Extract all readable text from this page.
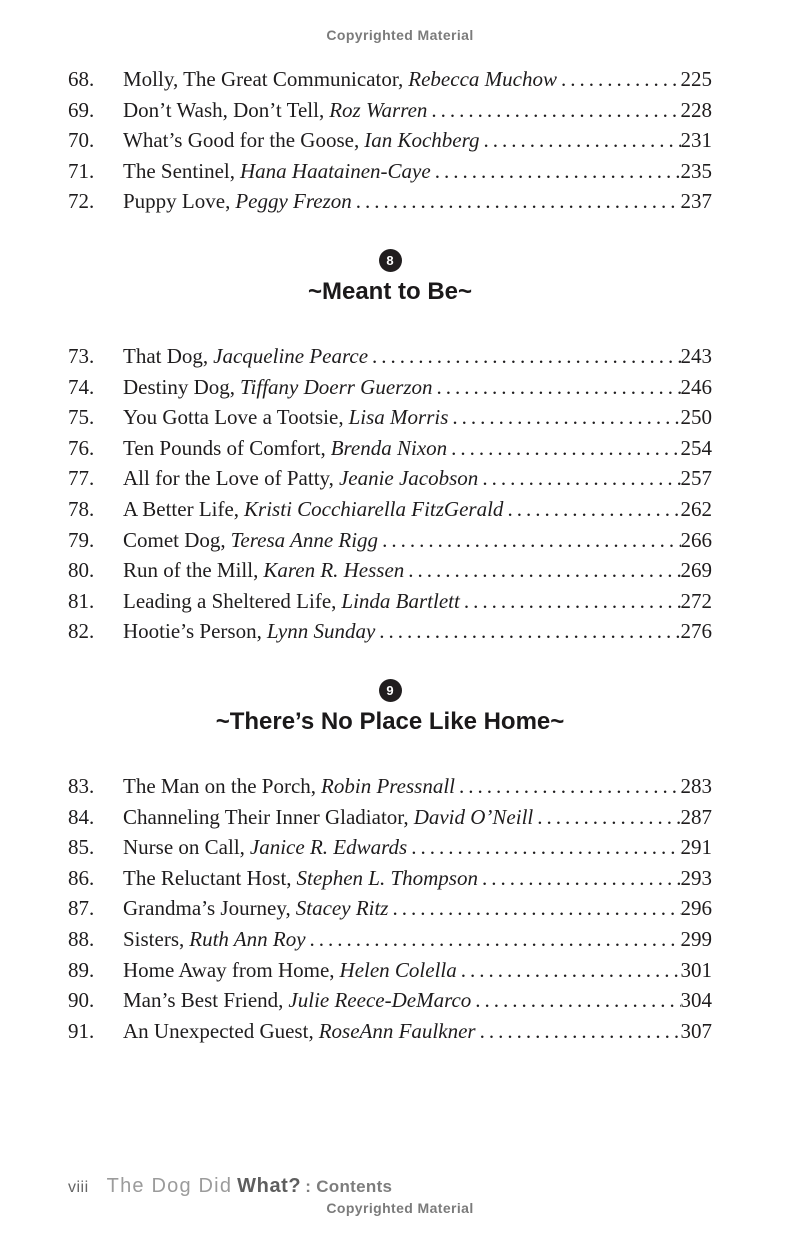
Copyrighted Material
68.	Molly, The Great Communicator, Rebecca Muchow .....	225
69.	Don’t Wash, Don’t Tell, Roz Warren .....	228
70.	What’s Good for the Goose, Ian Kochberg .....	231
71.	The Sentinel, Hana Haatainen-Caye .....	235
72.	Puppy Love, Peggy Frezon .....	237
8
~Meant to Be~
73.	That Dog, Jacqueline Pearce .....	243
74.	Destiny Dog, Tiffany Doerr Guerzon .....	246
75.	You Gotta Love a Tootsie, Lisa Morris .....	250
76.	Ten Pounds of Comfort, Brenda Nixon .....	254
77.	All for the Love of Patty, Jeanie Jacobson .....	257
78.	A Better Life, Kristi Cocchiarella FitzGerald .....	262
79.	Comet Dog, Teresa Anne Rigg .....	266
80.	Run of the Mill, Karen R. Hessen .....	269
81.	Leading a Sheltered Life, Linda Bartlett .....	272
82.	Hootie’s Person, Lynn Sunday .....	276
9
~There’s No Place Like Home~
83.	The Man on the Porch, Robin Pressnall .....	283
84.	Channeling Their Inner Gladiator, David O’Neill .....	287
85.	Nurse on Call, Janice R. Edwards .....	291
86.	The Reluctant Host, Stephen L. Thompson .....	293
87.	Grandma’s Journey, Stacey Ritz .....	296
88.	Sisters, Ruth Ann Roy .....	299
89.	Home Away from Home, Helen Colella .....	301
90.	Man’s Best Friend, Julie Reece-DeMarco .....	304
91.	An Unexpected Guest, RoseAnn Faulkner .....	307
viii The Dog Did What? : Contents
Copyrighted Material
